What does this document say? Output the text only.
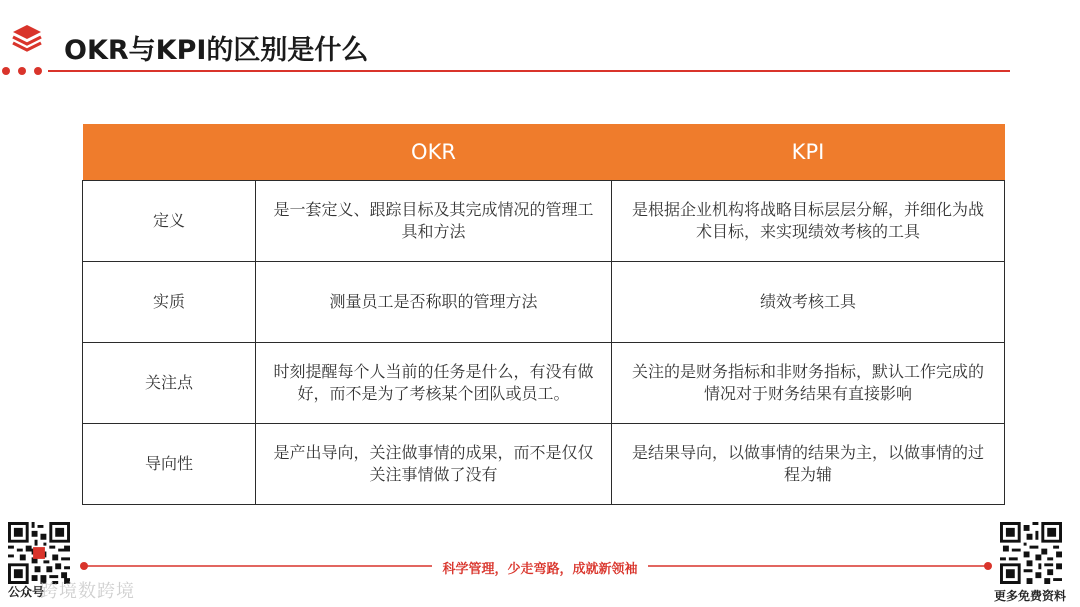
OKR与KPI的区别是什么
	OKR	KPI
定义	是一套定义、跟踪目标及其完成情况的管理工具和方法	是根据企业机构将战略目标层层分解，并细化为战术目标，来实现绩效考核的工具
实质	测量员工是否称职的管理方法	绩效考核工具
关注点	时刻提醒每个人当前的任务是什么，有没有做好，而不是为了考核某个团队或员工。	关注的是财务指标和非财务指标，默认工作完成的情况对于财务结果有直接影响
导向性	是产出导向，关注做事情的成果，而不是仅仅关注事情做了没有	是结果导向，以做事情的结果为主，以做事情的过程为辅
跨境数跨境
公众号
科学管理，少走弯路，成就新领袖
更多免费资料
